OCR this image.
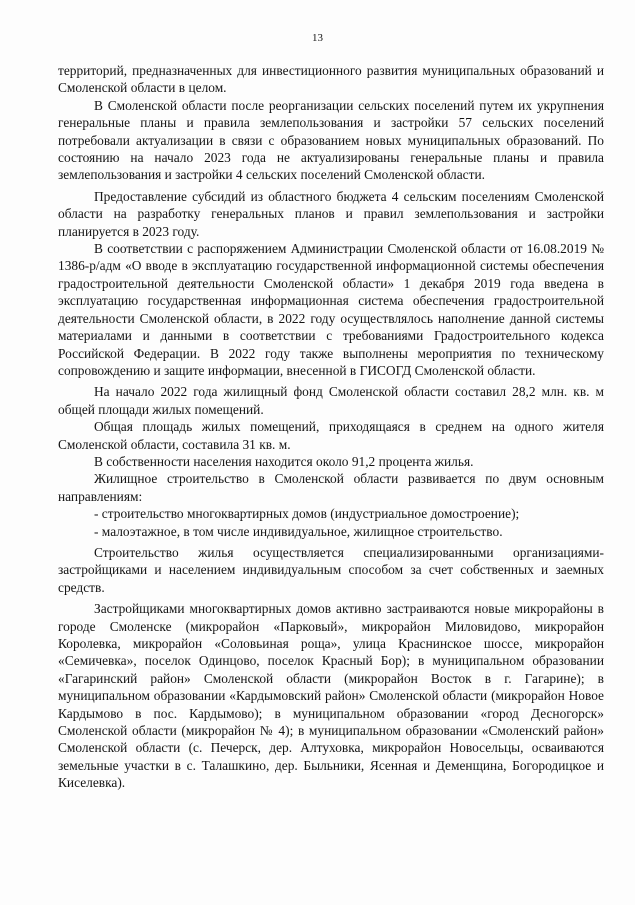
13

территорий, предназначенных для инвестиционного развития муниципальных образований и Смоленской области в целом.

В Смоленской области после реорганизации сельских поселений путем их укрупнения генеральные планы и правила землепользования и застройки 57 сельских поселений потребовали актуализации в связи с образованием новых муниципальных образований. По состоянию на начало 2023 года не актуализированы генеральные планы и правила землепользования и застройки 4 сельских поселений Смоленской области.

Предоставление субсидий из областного бюджета 4 сельским поселениям Смоленской области на разработку генеральных планов и правил землепользования и застройки планируется в 2023 году.

В соответствии с распоряжением Администрации Смоленской области от 16.08.2019 № 1386-р/адм «О вводе в эксплуатацию государственной информационной системы обеспечения градостроительной деятельности Смоленской области» 1 декабря 2019 года введена в эксплуатацию государственная информационная система обеспечения градостроительной деятельности Смоленской области, в 2022 году осуществлялось наполнение данной системы материалами и данными в соответствии с требованиями Градостроительного кодекса Российской Федерации. В 2022 году также выполнены мероприятия по техническому сопровождению и защите информации, внесенной в ГИСОГД Смоленской области.

На начало 2022 года жилищный фонд Смоленской области составил 28,2 млн. кв. м общей площади жилых помещений.

Общая площадь жилых помещений, приходящаяся в среднем на одного жителя Смоленской области, составила 31 кв. м.

В собственности населения находится около 91,2 процента жилья.

Жилищное строительство в Смоленской области развивается по двум основным направлениям:

- строительство многоквартирных домов (индустриальное домостроение);

- малоэтажное, в том числе индивидуальное, жилищное строительство.

Строительство жилья осуществляется специализированными организациями-застройщиками и населением индивидуальным способом за счет собственных и заемных средств.

Застройщиками многоквартирных домов активно застраиваются новые микрорайоны в городе Смоленске (микрорайон «Парковый», микрорайон Миловидово, микрорайон Королевка, микрорайон «Соловьиная роща», улица Краснинское шоссе, микрорайон «Семичевка», поселок Одинцово, поселок Красный Бор); в муниципальном образовании «Гагаринский район» Смоленской области (микрорайон Восток в г. Гагарине); в муниципальном образовании «Кардымовский район» Смоленской области (микрорайон Новое Кардымово в пос. Кардымово); в муниципальном образовании «город Десногорск» Смоленской области (микрорайон № 4); в муниципальном образовании «Смоленский район» Смоленской области (с. Печерск, дер. Алтуховка, микрорайон Новосельцы, осваиваются земельные участки в с. Талашкино, дер. Быльники, Ясенная и Деменщина, Богородицкое и Киселевка).
